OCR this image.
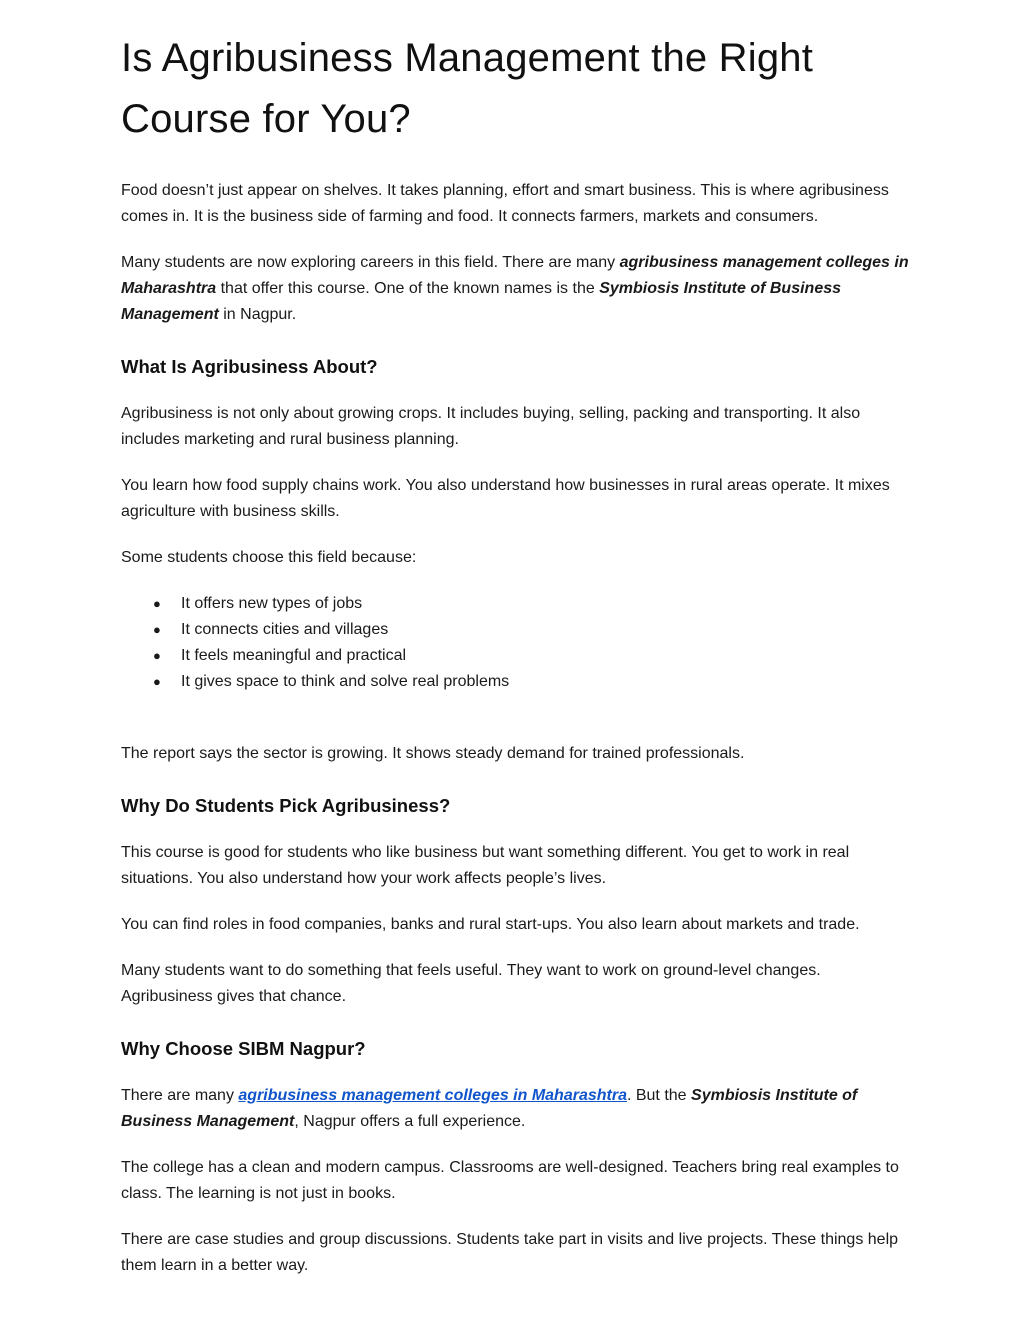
Is Agribusiness Management the Right Course for You?

Food doesn’t just appear on shelves. It takes planning, effort and smart business. This is where agribusiness comes in. It is the business side of farming and food. It connects farmers, markets and consumers.

Many students are now exploring careers in this field. There are many agribusiness management colleges in Maharashtra that offer this course. One of the known names is the Symbiosis Institute of Business Management in Nagpur.

What Is Agribusiness About?

Agribusiness is not only about growing crops. It includes buying, selling, packing and transporting. It also includes marketing and rural business planning.

You learn how food supply chains work. You also understand how businesses in rural areas operate. It mixes agriculture with business skills.

Some students choose this field because:

● It offers new types of jobs
● It connects cities and villages
● It feels meaningful and practical
● It gives space to think and solve real problems

The report says the sector is growing. It shows steady demand for trained professionals.

Why Do Students Pick Agribusiness?

This course is good for students who like business but want something different. You get to work in real situations. You also understand how your work affects people’s lives.

You can find roles in food companies, banks and rural start-ups. You also learn about markets and trade.

Many students want to do something that feels useful. They want to work on ground-level changes. Agribusiness gives that chance.

Why Choose SIBM Nagpur?

There are many agribusiness management colleges in Maharashtra. But the Symbiosis Institute of Business Management, Nagpur offers a full experience.

The college has a clean and modern campus. Classrooms are well-designed. Teachers bring real examples to class. The learning is not just in books.

There are case studies and group discussions. Students take part in visits and live projects. These things help them learn in a better way.
